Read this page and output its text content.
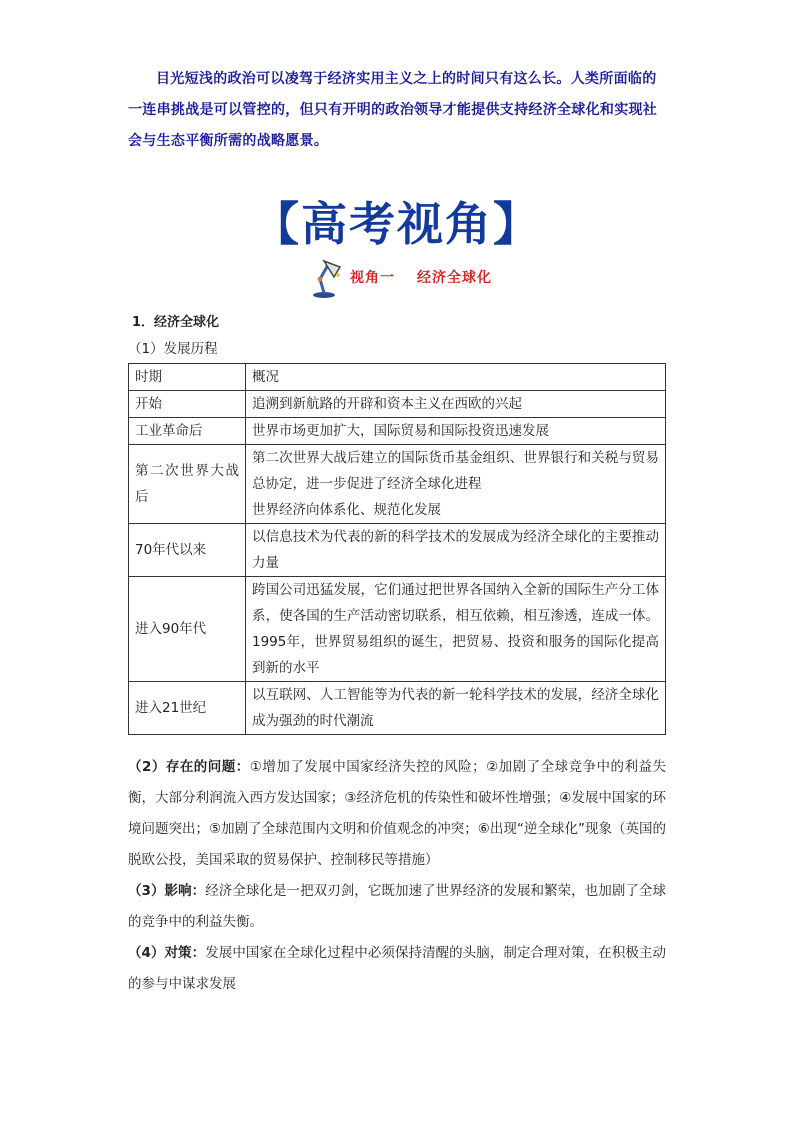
目光短浅的政治可以凌驾于经济实用主义之上的时间只有这么长。人类所面临的一连串挑战是可以管控的，但只有开明的政治领导才能提供支持经济全球化和实现社会与生态平衡所需的战略愿景。
【高考视角】
视角一 经济全球化
1．经济全球化
（1）发展历程
时期	概况
开始	追溯到新航路的开辟和资本主义在西欧的兴起
工业革命后	世界市场更加扩大，国际贸易和国际投资迅速发展
第二次世界大战后	第二次世界大战后建立的国际货币基金组织、世界银行和关税与贸易总协定，进一步促进了经济全球化进程
世界经济向体系化、规范化发展

70年代以来	以信息技术为代表的新的科学技术的发展成为经济全球化的主要推动力量
进入90年代	跨国公司迅猛发展，它们通过把世界各国纳入全新的国际生产分工体系，使各国的生产活动密切联系，相互依赖，相互渗透，连成一体。1995年，世界贸易组织的诞生，把贸易、投资和服务的国际化提高到新的水平
进入21世纪	以互联网、人工智能等为代表的新一轮科学技术的发展，经济全球化成为强劲的时代潮流
（2）存在的问题：①增加了发展中国家经济失控的风险；②加剧了全球竞争中的利益失衡，大部分利润流入西方发达国家；③经济危机的传染性和破坏性增强；④发展中国家的环境问题突出；⑤加剧了全球范围内文明和价值观念的冲突；⑥出现“逆全球化”现象（英国的脱欧公投，美国采取的贸易保护、控制移民等措施）
（3）影响：经济全球化是一把双刃剑，它既加速了世界经济的发展和繁荣，也加剧了全球的竞争中的利益失衡。
（4）对策：发展中国家在全球化过程中必须保持清醒的头脑，制定合理对策，在积极主动的参与中谋求发展
